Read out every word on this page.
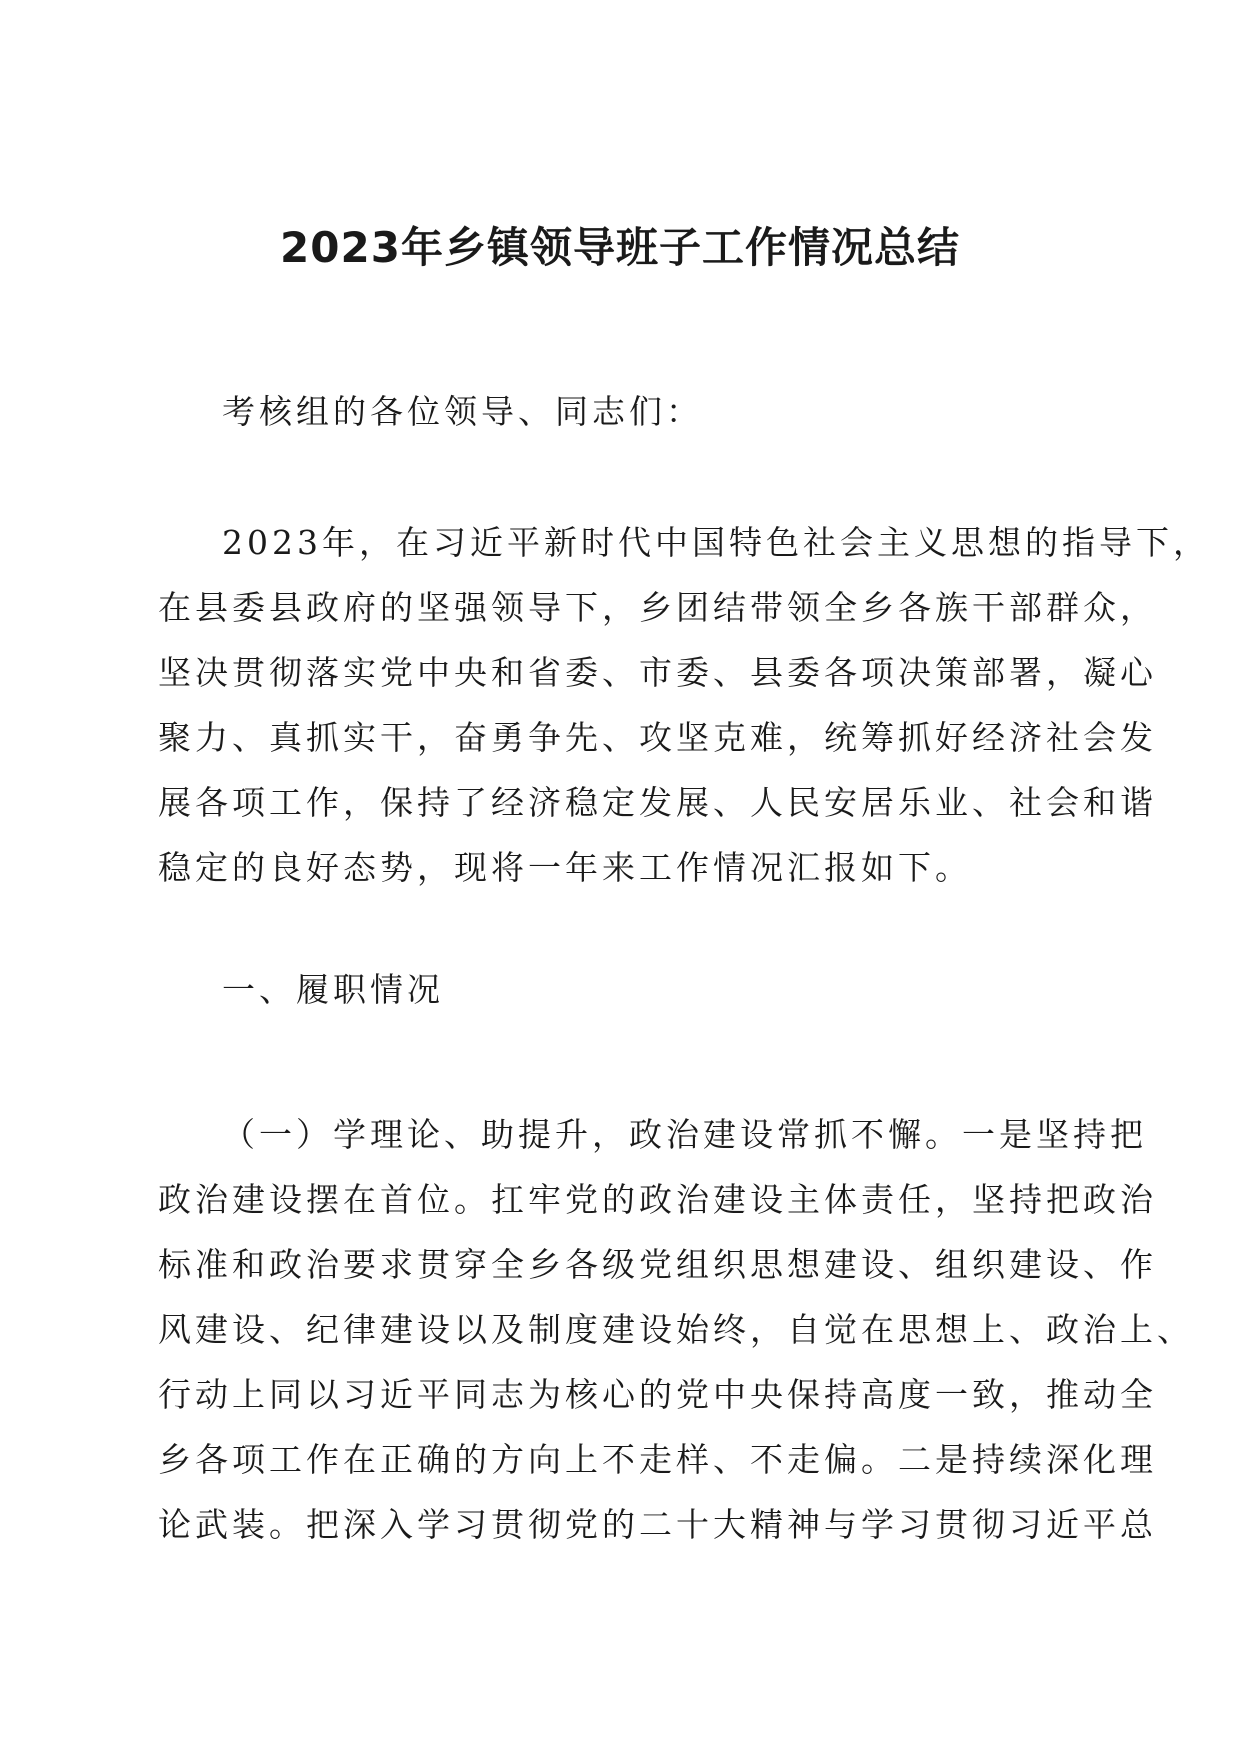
2023年乡镇领导班子工作情况总结
考核组的各位领导、同志们：
2023年，在习近平新时代中国特色社会主义思想的指导下，
在县委县政府的坚强领导下，乡团结带领全乡各族干部群众，
坚决贯彻落实党中央和省委、市委、县委各项决策部署，凝心
聚力、真抓实干，奋勇争先、攻坚克难，统筹抓好经济社会发
展各项工作，保持了经济稳定发展、人民安居乐业、社会和谐
稳定的良好态势，现将一年来工作情况汇报如下。
一、履职情况
（一）学理论、助提升，政治建设常抓不懈。一是坚持把
政治建设摆在首位。扛牢党的政治建设主体责任，坚持把政治
标准和政治要求贯穿全乡各级党组织思想建设、组织建设、作
风建设、纪律建设以及制度建设始终，自觉在思想上、政治上、
行动上同以习近平同志为核心的党中央保持高度一致，推动全
乡各项工作在正确的方向上不走样、不走偏。二是持续深化理
论武装。把深入学习贯彻党的二十大精神与学习贯彻习近平总
